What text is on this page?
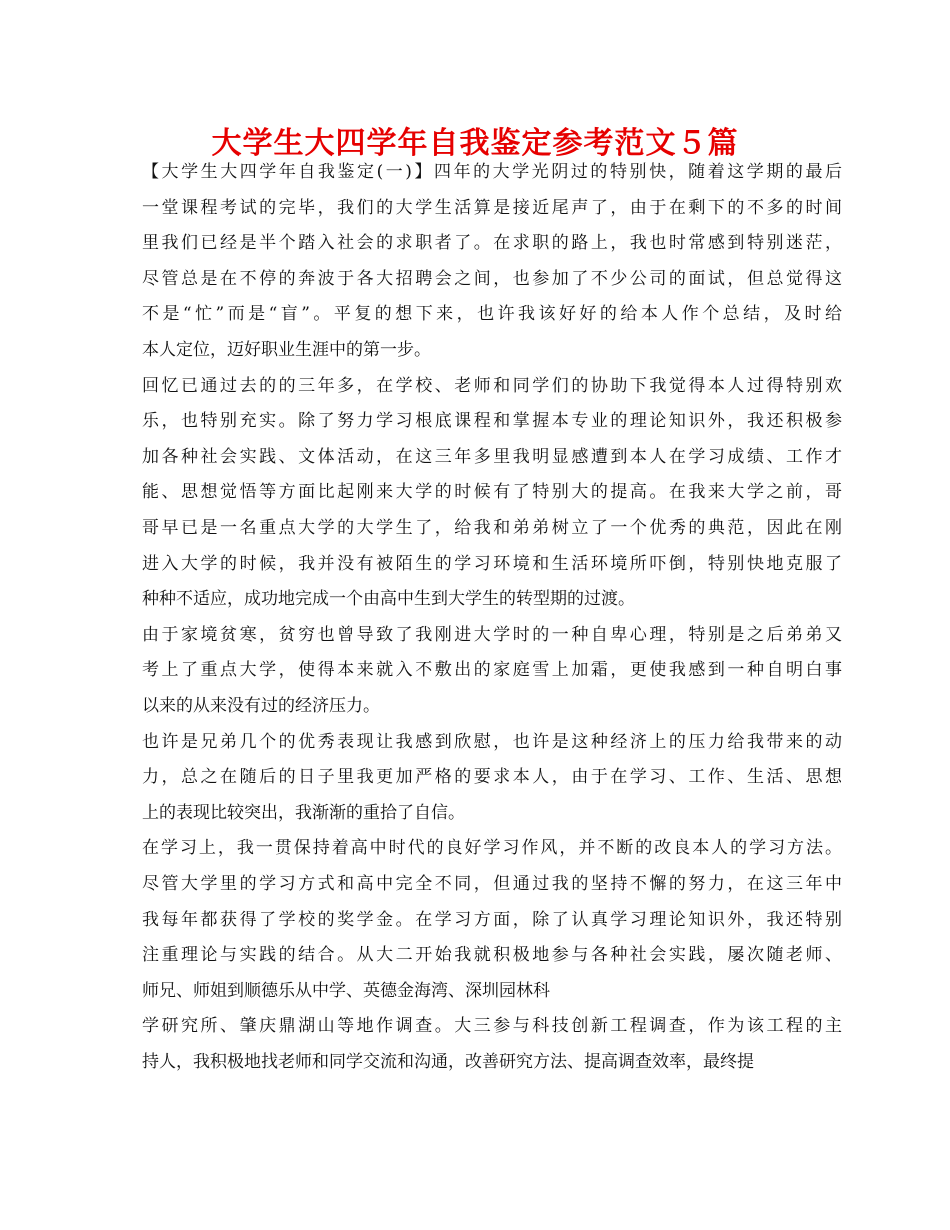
大学生大四学年自我鉴定参考范文５篇
【大学生大四学年自我鉴定(一)】四年的大学光阴过的特别快，随着这学期的最后
一堂课程考试的完毕，我们的大学生活算是接近尾声了，由于在剩下的不多的时间
里我们已经是半个踏入社会的求职者了。在求职的路上，我也时常感到特别迷茫，
尽管总是在不停的奔波于各大招聘会之间，也参加了不少公司的面试，但总觉得这
不是“忙”而是“盲”。平复的想下来，也许我该好好的给本人作个总结，及时给
本人定位，迈好职业生涯中的第一步。
回忆已通过去的的三年多，在学校、老师和同学们的协助下我觉得本人过得特别欢
乐，也特别充实。除了努力学习根底课程和掌握本专业的理论知识外，我还积极参
加各种社会实践、文体活动，在这三年多里我明显感遭到本人在学习成绩、工作才
能、思想觉悟等方面比起刚来大学的时候有了特别大的提高。在我来大学之前，哥
哥早已是一名重点大学的大学生了，给我和弟弟树立了一个优秀的典范，因此在刚
进入大学的时候，我并没有被陌生的学习环境和生活环境所吓倒，特别快地克服了
种种不适应，成功地完成一个由高中生到大学生的转型期的过渡。
由于家境贫寒，贫穷也曾导致了我刚进大学时的一种自卑心理，特别是之后弟弟又
考上了重点大学，使得本来就入不敷出的家庭雪上加霜，更使我感到一种自明白事
以来的从来没有过的经济压力。
也许是兄弟几个的优秀表现让我感到欣慰，也许是这种经济上的压力给我带来的动
力，总之在随后的日子里我更加严格的要求本人，由于在学习、工作、生活、思想
上的表现比较突出，我渐渐的重拾了自信。
在学习上，我一贯保持着高中时代的良好学习作风，并不断的改良本人的学习方法。
尽管大学里的学习方式和高中完全不同，但通过我的坚持不懈的努力，在这三年中
我每年都获得了学校的奖学金。在学习方面，除了认真学习理论知识外，我还特别
注重理论与实践的结合。从大二开始我就积极地参与各种社会实践，屡次随老师、
师兄、师姐到顺德乐从中学、英德金海湾、深圳园林科
学研究所、肇庆鼎湖山等地作调查。大三参与科技创新工程调查，作为该工程的主
持人，我积极地找老师和同学交流和沟通，改善研究方法、提高调查效率，最终提
